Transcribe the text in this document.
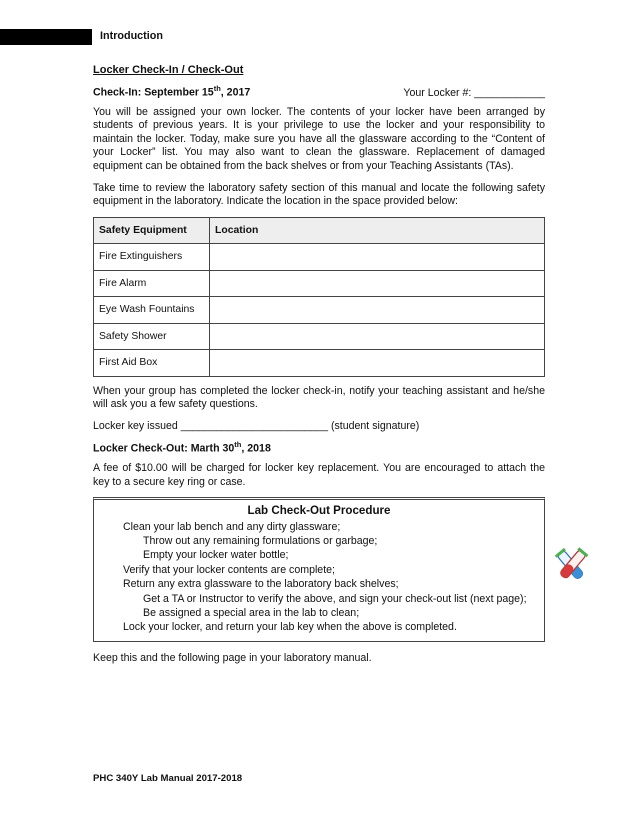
Introduction
Locker Check-In / Check-Out
Check-In: September 15th, 2017	Your Locker #: ____________

You will be assigned your own locker. The contents of your locker have been arranged by students of previous years. It is your privilege to use the locker and your responsibility to maintain the locker. Today, make sure you have all the glassware according to the “Content of your Locker” list. You may also want to clean the glassware. Replacement of damaged equipment can be obtained from the back shelves or from your Teaching Assistants (TAs).

Take time to review the laboratory safety section of this manual and locate the following safety equipment in the laboratory. Indicate the location in the space provided below:

Safety Equipment	Location
Fire Extinguishers	
Fire Alarm	
Eye Wash Fountains	
Safety Shower	
First Aid Box	

When your group has completed the locker check-in, notify your teaching assistant and he/she will ask you a few safety questions.

Locker key issued _________________________ (student signature)
Locker Check-Out: Marth 30th, 2018

A fee of $10.00 will be charged for locker key replacement. You are encouraged to attach the key to a secure key ring or case.

Lab Check-Out Procedure
Clean your lab bench and any dirty glassware;
Throw out any remaining formulations or garbage;
Empty your locker water bottle;
Verify that your locker contents are complete;
Return any extra glassware to the laboratory back shelves;
Get a TA or Instructor to verify the above, and sign your check-out list (next page);
Be assigned a special area in the lab to clean;
Lock your locker, and return your lab key when the above is completed.
Keep this and the following page in your laboratory manual.
PHC 340Y Lab Manual 2017-2018
